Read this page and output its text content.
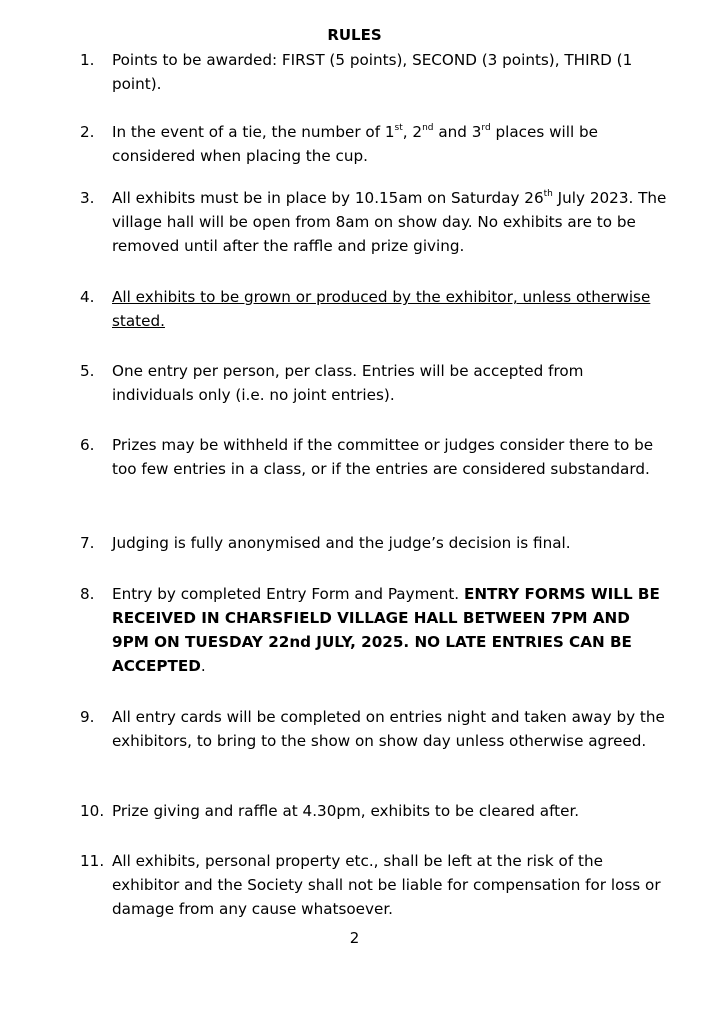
RULES
1.	Points to be awarded: FIRST (5 points), SECOND (3 points), THIRD (1 point).
2.	In the event of a tie, the number of 1st, 2nd and 3rd places will be considered when placing the cup.
3.	All exhibits must be in place by 10.15am on Saturday 26th July 2023. The village hall will be open from 8am on show day. No exhibits are to be removed until after the raffle and prize giving.
4.	All exhibits to be grown or produced by the exhibitor, unless otherwise stated.
5.	One entry per person, per class. Entries will be accepted from individuals only (i.e. no joint entries).
6.	Prizes may be withheld if the committee or judges consider there to be too few entries in a class, or if the entries are considered substandard.
7.	Judging is fully anonymised and the judge’s decision is final.
8.	Entry by completed Entry Form and Payment. ENTRY FORMS WILL BE RECEIVED IN CHARSFIELD VILLAGE HALL BETWEEN 7PM AND 9PM ON TUESDAY 22nd JULY, 2025. NO LATE ENTRIES CAN BE ACCEPTED.
9.	All entry cards will be completed on entries night and taken away by the exhibitors, to bring to the show on show day unless otherwise agreed.
10. Prize giving and raffle at 4.30pm, exhibits to be cleared after.
11. All exhibits, personal property etc., shall be left at the risk of the exhibitor and the Society shall not be liable for compensation for loss or damage from any cause whatsoever.
2
